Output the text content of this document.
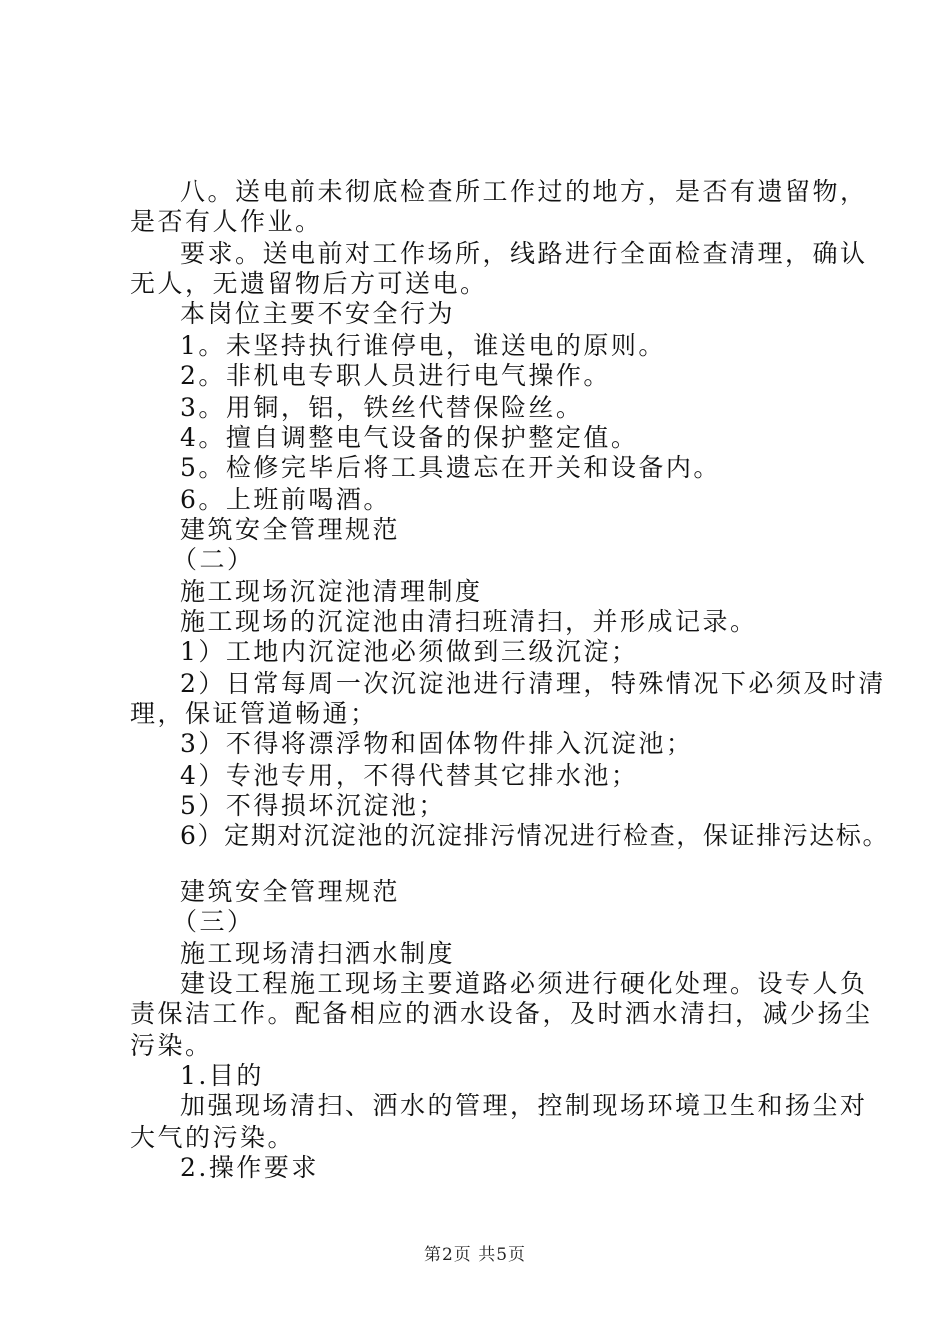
八。送电前未彻底检查所工作过的地方，是否有遗留物，
是否有人作业。
要求。送电前对工作场所，线路进行全面检查清理，确认
无人，无遗留物后方可送电。
本岗位主要不安全行为
1。未坚持执行谁停电，谁送电的原则。
2。非机电专职人员进行电气操作。
3。用铜，铝，铁丝代替保险丝。
4。擅自调整电气设备的保护整定值。
5。检修完毕后将工具遗忘在开关和设备内。
6。上班前喝酒。
建筑安全管理规范
（二）
施工现场沉淀池清理制度
施工现场的沉淀池由清扫班清扫，并形成记录。
1）工地内沉淀池必须做到三级沉淀；
2）日常每周一次沉淀池进行清理，特殊情况下必须及时清
理，保证管道畅通；
3）不得将漂浮物和固体物件排入沉淀池；
4）专池专用，不得代替其它排水池；
5）不得损坏沉淀池；
6）定期对沉淀池的沉淀排污情况进行检查，保证排污达标。
建筑安全管理规范
（三）
施工现场清扫洒水制度
建设工程施工现场主要道路必须进行硬化处理。设专人负
责保洁工作。配备相应的洒水设备，及时洒水清扫，减少扬尘
污染。
1.目的
加强现场清扫、洒水的管理，控制现场环境卫生和扬尘对
大气的污染。
2.操作要求
第2页 共5页
